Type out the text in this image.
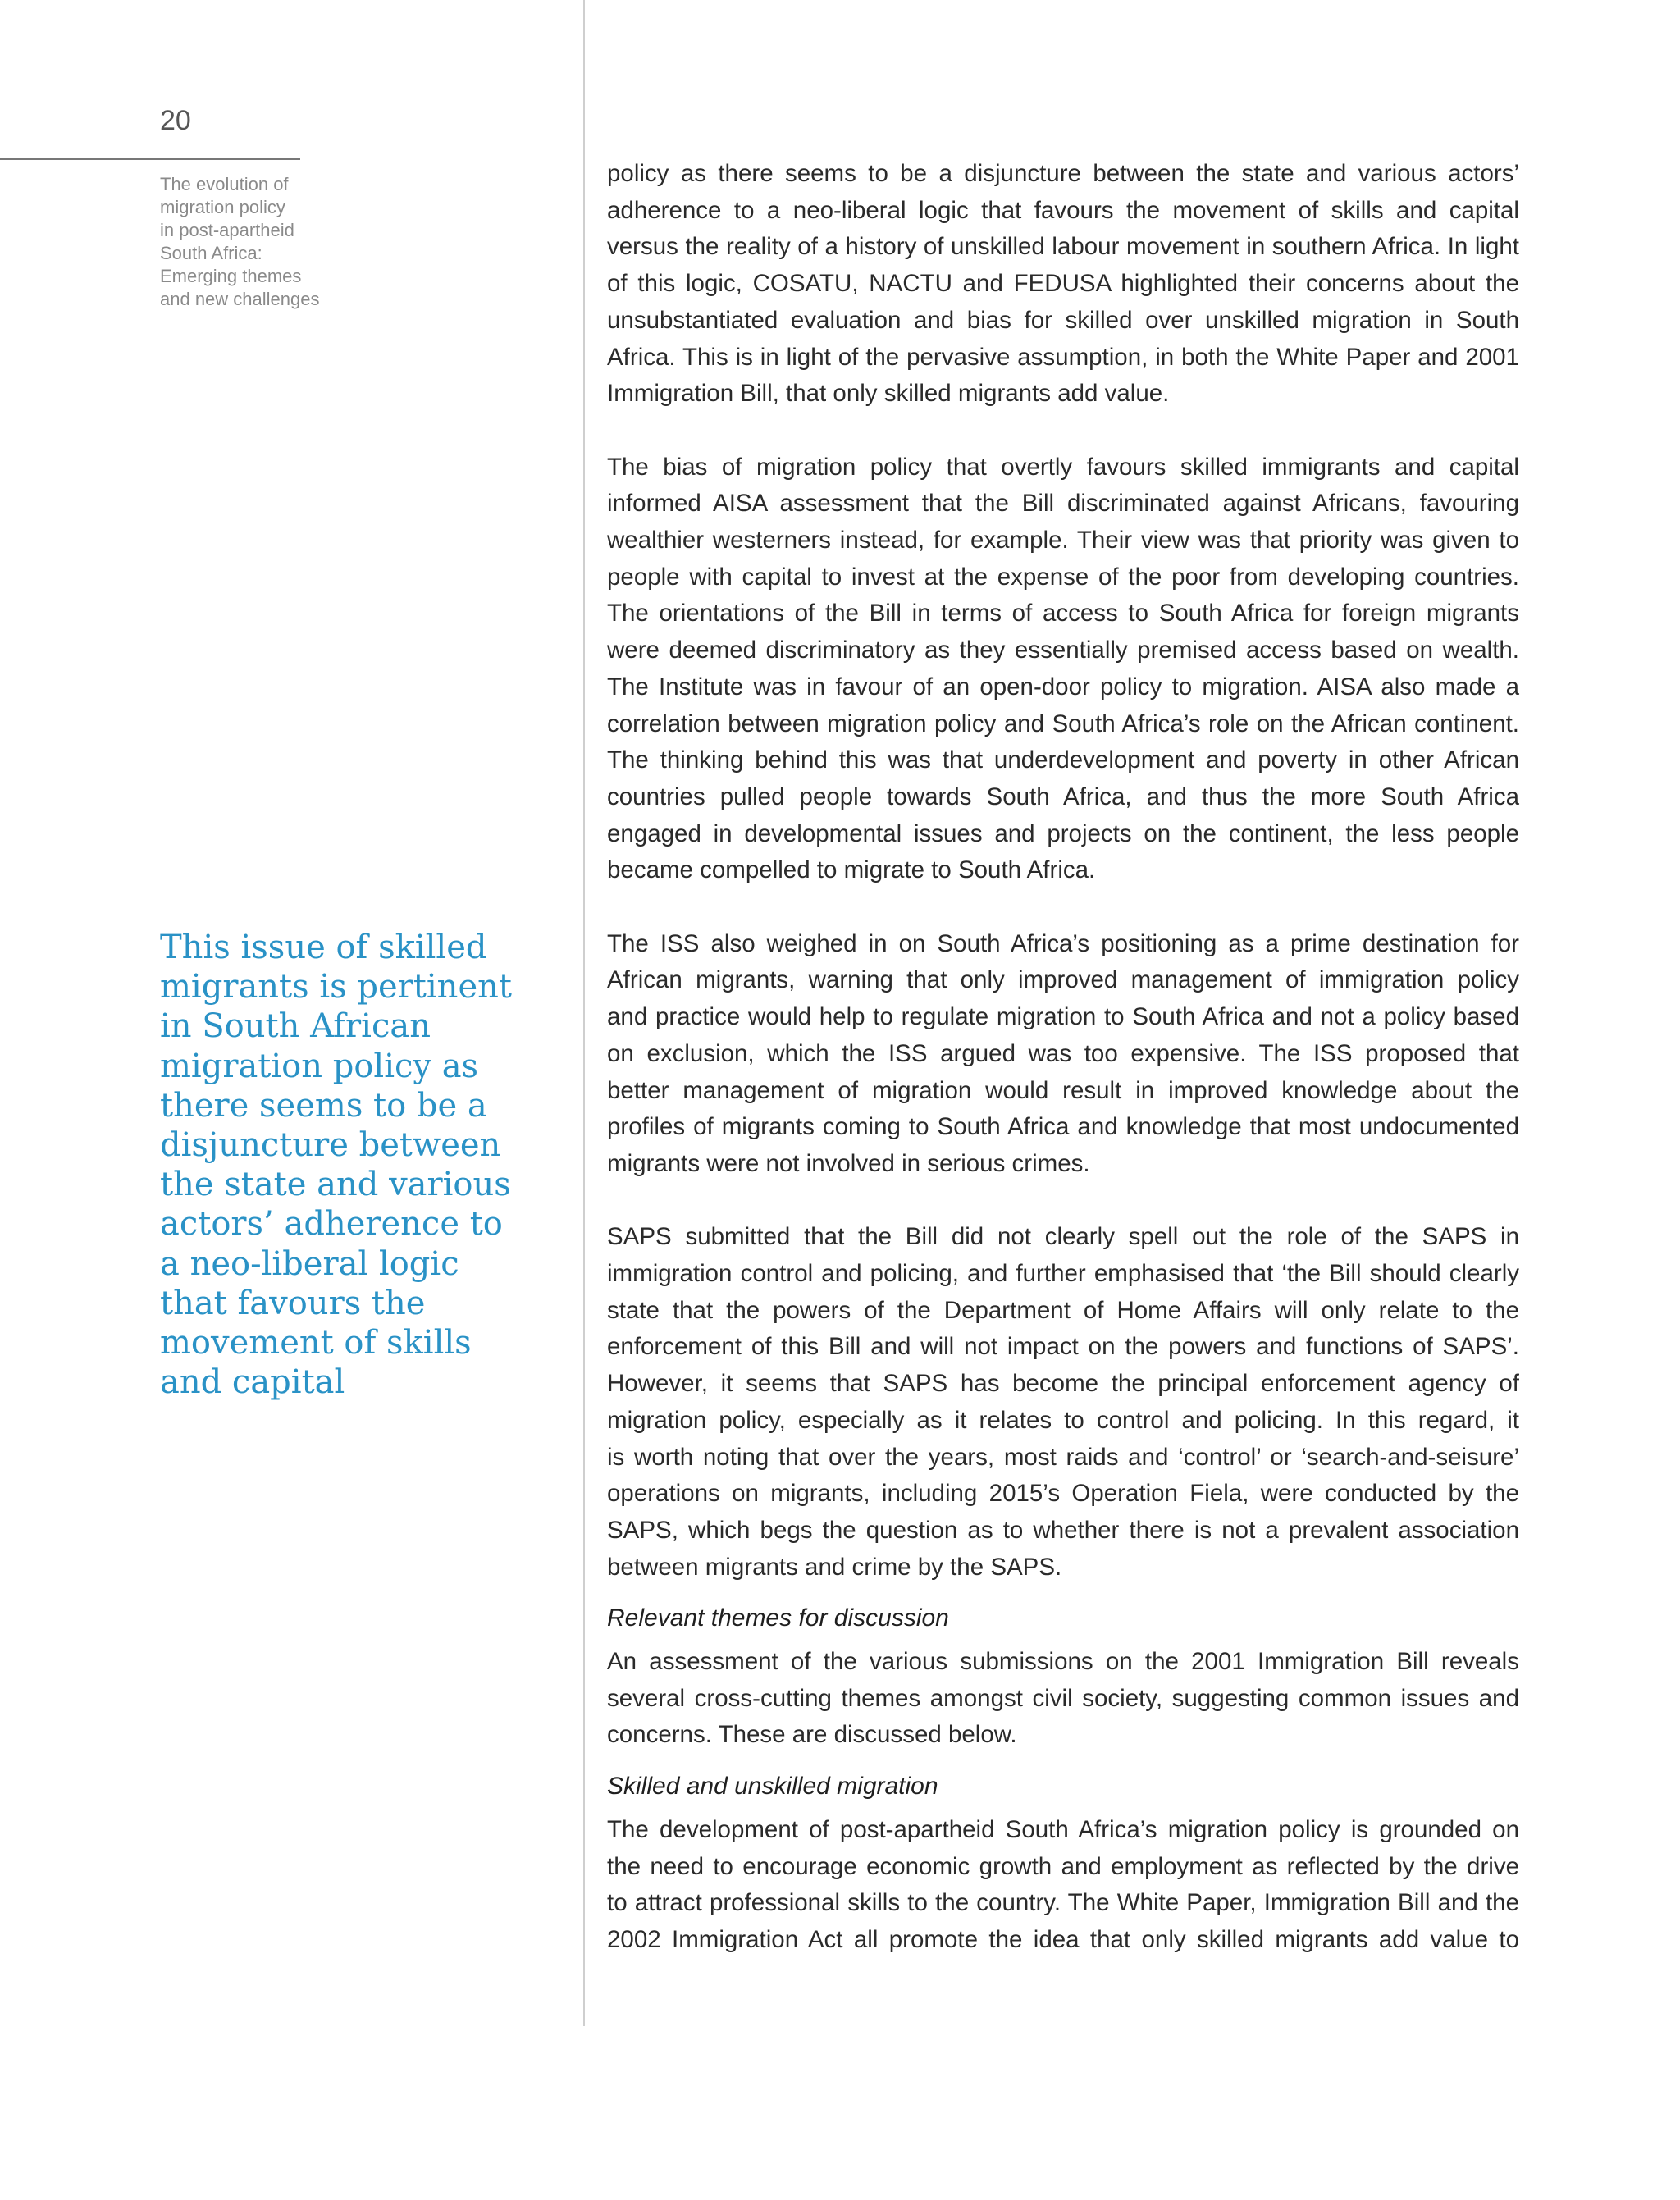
20
The evolution of
migration policy
in post-apartheid
South Africa:
Emerging themes
and new challenges
This issue of skilled
migrants is pertinent
in South African
migration policy as
there seems to be a
disjuncture between
the state and various
actors’ adherence to
a neo-liberal logic
that favours the
movement of skills
and capital

policy as there seems to be a disjuncture between the state and various actors’
adherence to a neo-liberal logic that favours the movement of skills and capital
versus the reality of a history of unskilled labour movement in southern Africa. In light
of this logic, COSATU, NACTU and FEDUSA highlighted their concerns about the
unsubstantiated evaluation and bias for skilled over unskilled migration in South
Africa. This is in light of the pervasive assumption, in both the White Paper and 2001
Immigration Bill, that only skilled migrants add value.

The bias of migration policy that overtly favours skilled immigrants and capital
informed AISA assessment that the Bill discriminated against Africans, favouring
wealthier westerners instead, for example. Their view was that priority was given to
people with capital to invest at the expense of the poor from developing countries.
The orientations of the Bill in terms of access to South Africa for foreign migrants
were deemed discriminatory as they essentially premised access based on wealth.
The Institute was in favour of an open-door policy to migration. AISA also made a
correlation between migration policy and South Africa’s role on the African continent.
The thinking behind this was that underdevelopment and poverty in other African
countries pulled people towards South Africa, and thus the more South Africa
engaged in developmental issues and projects on the continent, the less people
became compelled to migrate to South Africa.

The ISS also weighed in on South Africa’s positioning as a prime destination for
African migrants, warning that only improved management of immigration policy
and practice would help to regulate migration to South Africa and not a policy based
on exclusion, which the ISS argued was too expensive. The ISS proposed that
better management of migration would result in improved knowledge about the
profiles of migrants coming to South Africa and knowledge that most undocumented
migrants were not involved in serious crimes.

SAPS submitted that the Bill did not clearly spell out the role of the SAPS in
immigration control and policing, and further emphasised that ‘the Bill should clearly
state that the powers of the Department of Home Affairs will only relate to the
enforcement of this Bill and will not impact on the powers and functions of SAPS’.
However, it seems that SAPS has become the principal enforcement agency of
migration policy, especially as it relates to control and policing. In this regard, it
is worth noting that over the years, most raids and ‘control’ or ‘search-and-seisure’
operations on migrants, including 2015’s Operation Fiela, were conducted by the
SAPS, which begs the question as to whether there is not a prevalent association
between migrants and crime by the SAPS.

Relevant themes for discussion

An assessment of the various submissions on the 2001 Immigration Bill reveals
several cross-cutting themes amongst civil society, suggesting common issues and
concerns. These are discussed below.

Skilled and unskilled migration

The development of post-apartheid South Africa’s migration policy is grounded on
the need to encourage economic growth and employment as reflected by the drive
to attract professional skills to the country. The White Paper, Immigration Bill and the
2002 Immigration Act all promote the idea that only skilled migrants add value to
